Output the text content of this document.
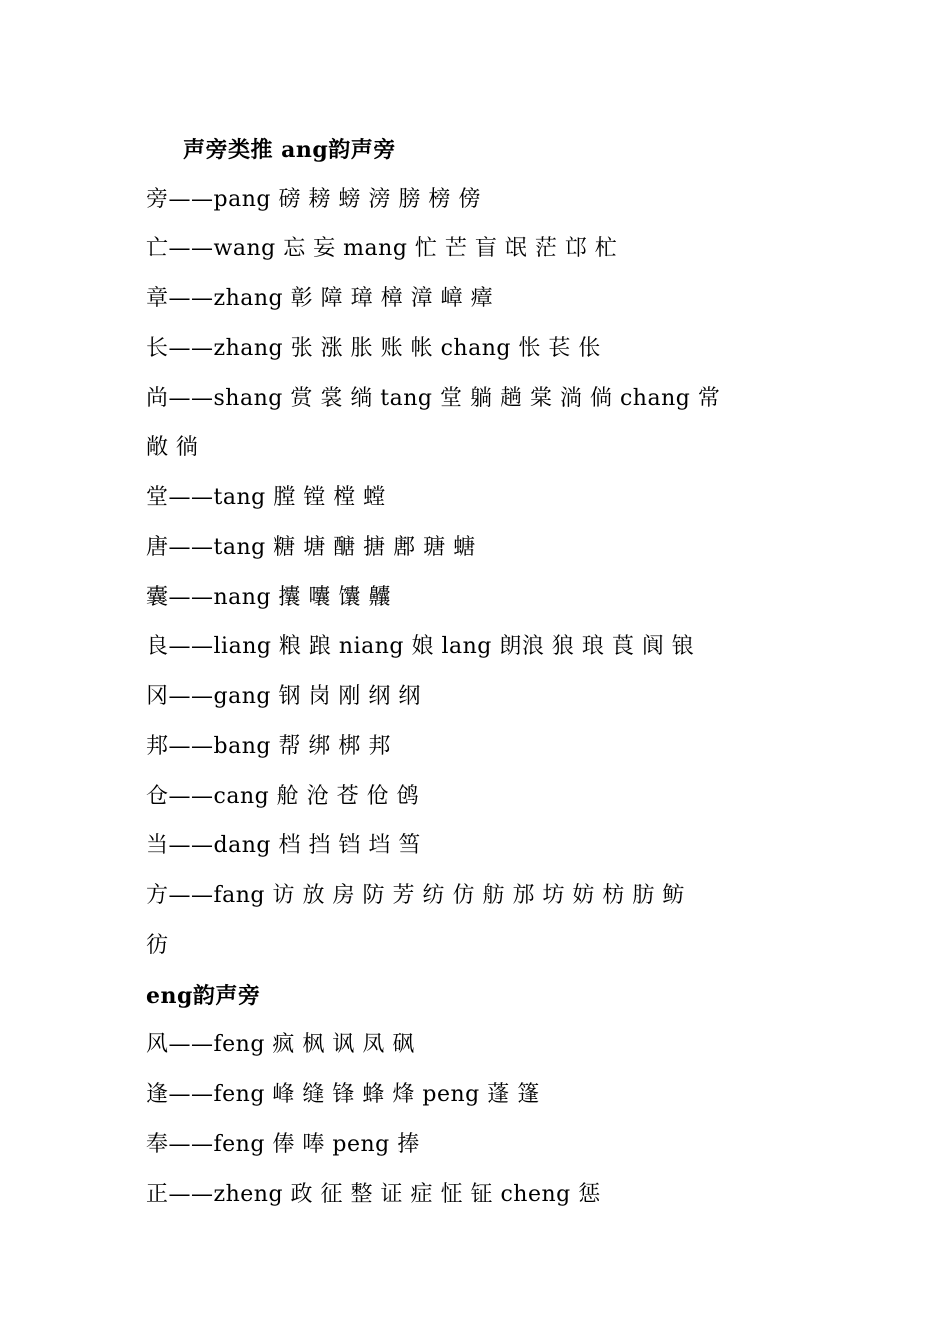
声旁类推 ang韵声旁
旁——pang 磅 耪 螃 滂 膀 榜 傍
亡——wang 忘 妄 mang 忙 芒 盲 氓 茫 邙 杧
章——zhang 彰 障 璋 樟 漳 嶂 瘴
长——zhang 张 涨 胀 账 帐 chang 怅 苌 伥
尚——shang 赏 裳 绱 tang 堂 躺 趟 棠 淌 倘 chang 常
敞 徜
堂——tang 膛 镗 樘 螳
唐——tang 糖 塘 醣 搪 鄌 瑭 螗
囊——nang 攮 囔 馕 齉
良——liang 粮 踉 niang 娘 lang 朗浪 狼 琅 莨 阆 锒
冈——gang 钢 岗 刚 纲 纲
邦——bang 帮 绑 梆 邦
仓——cang 舱 沧 苍 伧 鸧
当——dang 档 挡 铛 垱 筜
方——fang 访 放 房 防 芳 纺 仿 舫 邡 坊 妨 枋 肪 鲂
彷
eng韵声旁
风——feng 疯 枫 讽 凤 砜
逢——feng 峰 缝 锋 蜂 烽 peng 蓬 篷
奉——feng 俸 唪 peng 捧
正——zheng 政 征 整 证 症 怔 钲 cheng 惩
